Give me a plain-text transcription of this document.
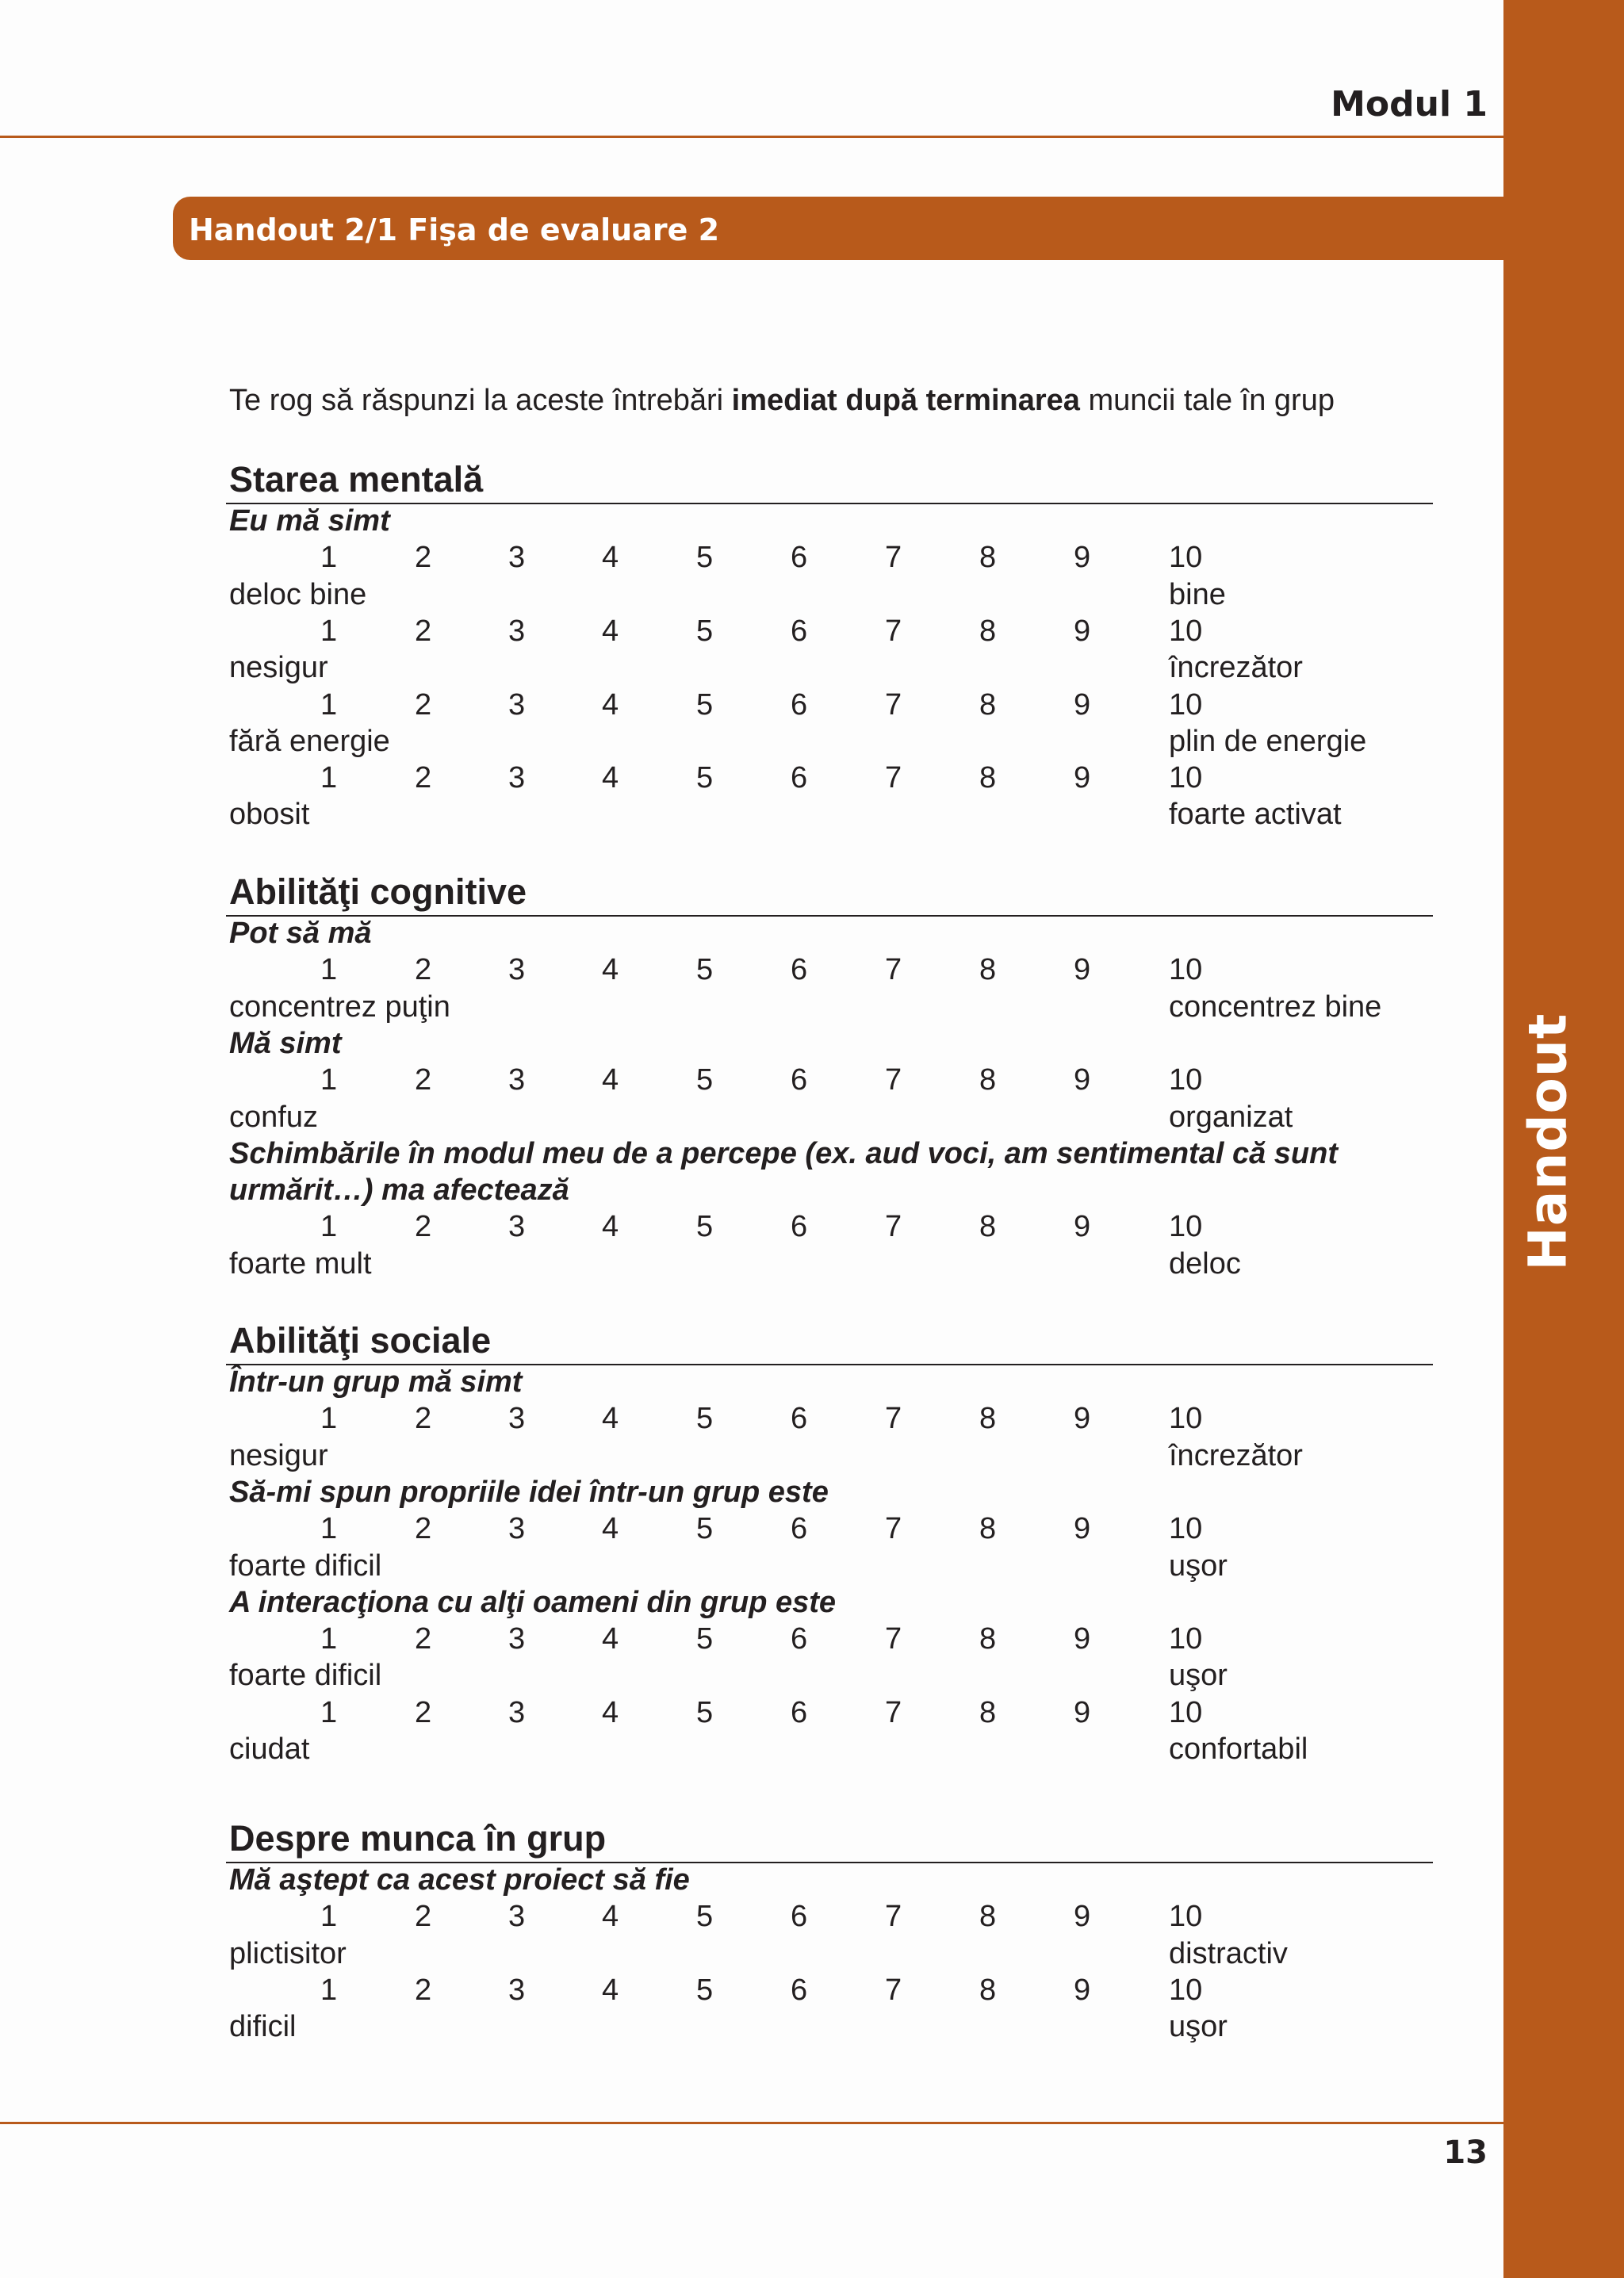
Handout
Modul 1
Handout 2/1 Fişa de evaluare 2
Te rog să răspunzi la aceste întrebări imediat după terminarea muncii tale în grup
Starea mentală
Eu mă simt
1	2	3	4	5	6	7	8	9	10
deloc bine	bine
1	2	3	4	5	6	7	8	9	10
nesigur	încrezător
1	2	3	4	5	6	7	8	9	10
fără energie	plin de energie
1	2	3	4	5	6	7	8	9	10
obosit	foarte activat
Abilităţi cognitive
Pot să mă
1	2	3	4	5	6	7	8	9	10
concentrez puţin	concentrez bine
Mă simt
1	2	3	4	5	6	7	8	9	10
confuz	organizat
Schimbările în modul meu de a percepe (ex. aud voci, am sentimental că sunt
urmărit…) ma afectează
1	2	3	4	5	6	7	8	9	10
foarte mult	deloc
Abilităţi sociale
Într-un grup mă simt
1	2	3	4	5	6	7	8	9	10
nesigur	încrezător
Să-mi spun propriile idei într-un grup este
1	2	3	4	5	6	7	8	9	10
foarte dificil	uşor
A interacţiona cu alţi oameni din grup este
1	2	3	4	5	6	7	8	9	10
foarte dificil	uşor
1	2	3	4	5	6	7	8	9	10
ciudat	confortabil
Despre munca în grup
Mă aştept ca acest proiect să fie
1	2	3	4	5	6	7	8	9	10
plictisitor	distractiv
1	2	3	4	5	6	7	8	9	10
dificil	uşor
13
